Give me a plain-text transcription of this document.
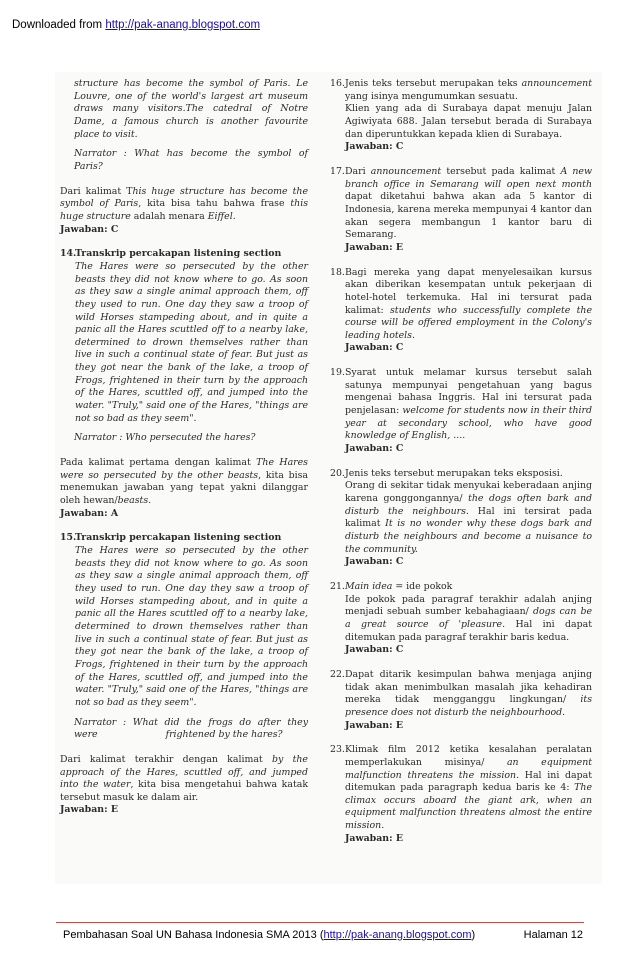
Downloaded from http://pak-anang.blogspot.com

structure has become the symbol of Paris. Le Louvre, one of the world's largest art museum draws many visitors.The catedral of Notre Dame, a famous church is another favourite place to visit.

Narrator : What has become the symbol of Paris?

Dari kalimat This huge structure has become the symbol of Paris, kita bisa tahu bahwa frase this huge structure adalah menara Eiffel.

Jawaban: C

14.

Transkrip percakapan listening section

The Hares were so persecuted by the other beasts they did not know where to go. As soon as they saw a single animal approach them, off they used to run. One day they saw a troop of wild Horses stampeding about, and in quite a panic all the Hares scuttled off to a nearby lake, determined to drown themselves rather than live in such a continual state of fear. But just as they got near the bank of the lake, a troop of Frogs, frightened in their turn by the approach of the Hares, scuttled off, and jumped into the water. "Truly," said one of the Hares, "things are not so bad as they seem".

Narrator : Who persecuted the hares?

Pada kalimat pertama dengan kalimat The Hares were so persecuted by the other beasts, kita bisa menemukan jawaban yang tepat yakni dilanggar oleh hewan/beasts.

Jawaban: A

15.

Transkrip percakapan listening section

The Hares were so persecuted by the other beasts they did not know where to go. As soon as they saw a single animal approach them, off they used to run. One day they saw a troop of wild Horses stampeding about, and in quite a panic all the Hares scuttled off to a nearby lake, determined to drown themselves rather than live in such a continual state of fear. But just as they got near the bank of the lake, a troop of Frogs, frightened in their turn by the approach of the Hares, scuttled off, and jumped into the water. "Truly," said one of the Hares, "things are not so bad as they seem".

Narrator : What did the frogs do after they were	frightened by the hares?

Dari kalimat terakhir dengan kalimat by the approach of the Hares, scuttled off, and jumped into the water, kita bisa mengetahui bahwa katak tersebut masuk ke dalam air.

Jawaban: E

16. Jenis teks tersebut merupakan teks announcement yang isinya mengumumkan sesuatu.

Klien yang ada di Surabaya dapat menuju Jalan Agiwiyata 688. Jalan tersebut berada di Surabaya dan diperuntukkan kepada klien di Surabaya.

Jawaban: C

17. Dari announcement tersebut pada kalimat A new branch office in Semarang will open next month dapat diketahui bahwa akan ada 5 kantor di Indonesia, karena mereka mempunyai 4 kantor dan akan segera membangun 1 kantor baru di Semarang.

Jawaban: E

18. Bagi mereka yang dapat menyelesaikan kursus akan diberikan kesempatan untuk pekerjaan di hotel-hotel terkemuka. Hal ini tersurat pada kalimat: students who successfully complete the course will be offered employment in the Colony's leading hotels.

Jawaban: C

19. Syarat untuk melamar kursus tersebut salah satunya mempunyai pengetahuan yang bagus mengenai bahasa Inggris. Hal ini tersurat pada penjelasan: welcome for students now in their third year at secondary school, who have good knowledge of English, ....

Jawaban: C

20. Jenis teks tersebut merupakan teks eksposisi.

Orang di sekitar tidak menyukai keberadaan anjing karena gonggongannya/ the dogs often bark and disturb the neighbours. Hal ini tersirat pada kalimat It is no wonder why these dogs bark and disturb the neighbours and become a nuisance to the community.

Jawaban: C

21. Main idea = ide pokok

Ide pokok pada paragraf terakhir adalah anjing menjadi sebuah sumber kebahagiaan/ dogs can be a great source of 'pleasure. Hal ini dapat ditemukan pada paragraf terakhir baris kedua.

Jawaban: C

22. Dapat ditarik kesimpulan bahwa menjaga anjing tidak akan menimbulkan masalah jika kehadiran mereka tidak mengganggu lingkungan/ its presence does not disturb the neighbourhood.

Jawaban: E

23. Klimak film 2012 ketika kesalahan peralatan memperlakukan misinya/ an equipment malfunction threatens the mission. Hal ini dapat ditemukan pada paragraph kedua baris ke 4: The climax occurs aboard the giant ark, when an equipment malfunction threatens almost the entire mission.

Jawaban: E

Pembahasan Soal UN Bahasa Indonesia SMA 2013 (http://pak-anang.blogspot.com)	Halaman 12
